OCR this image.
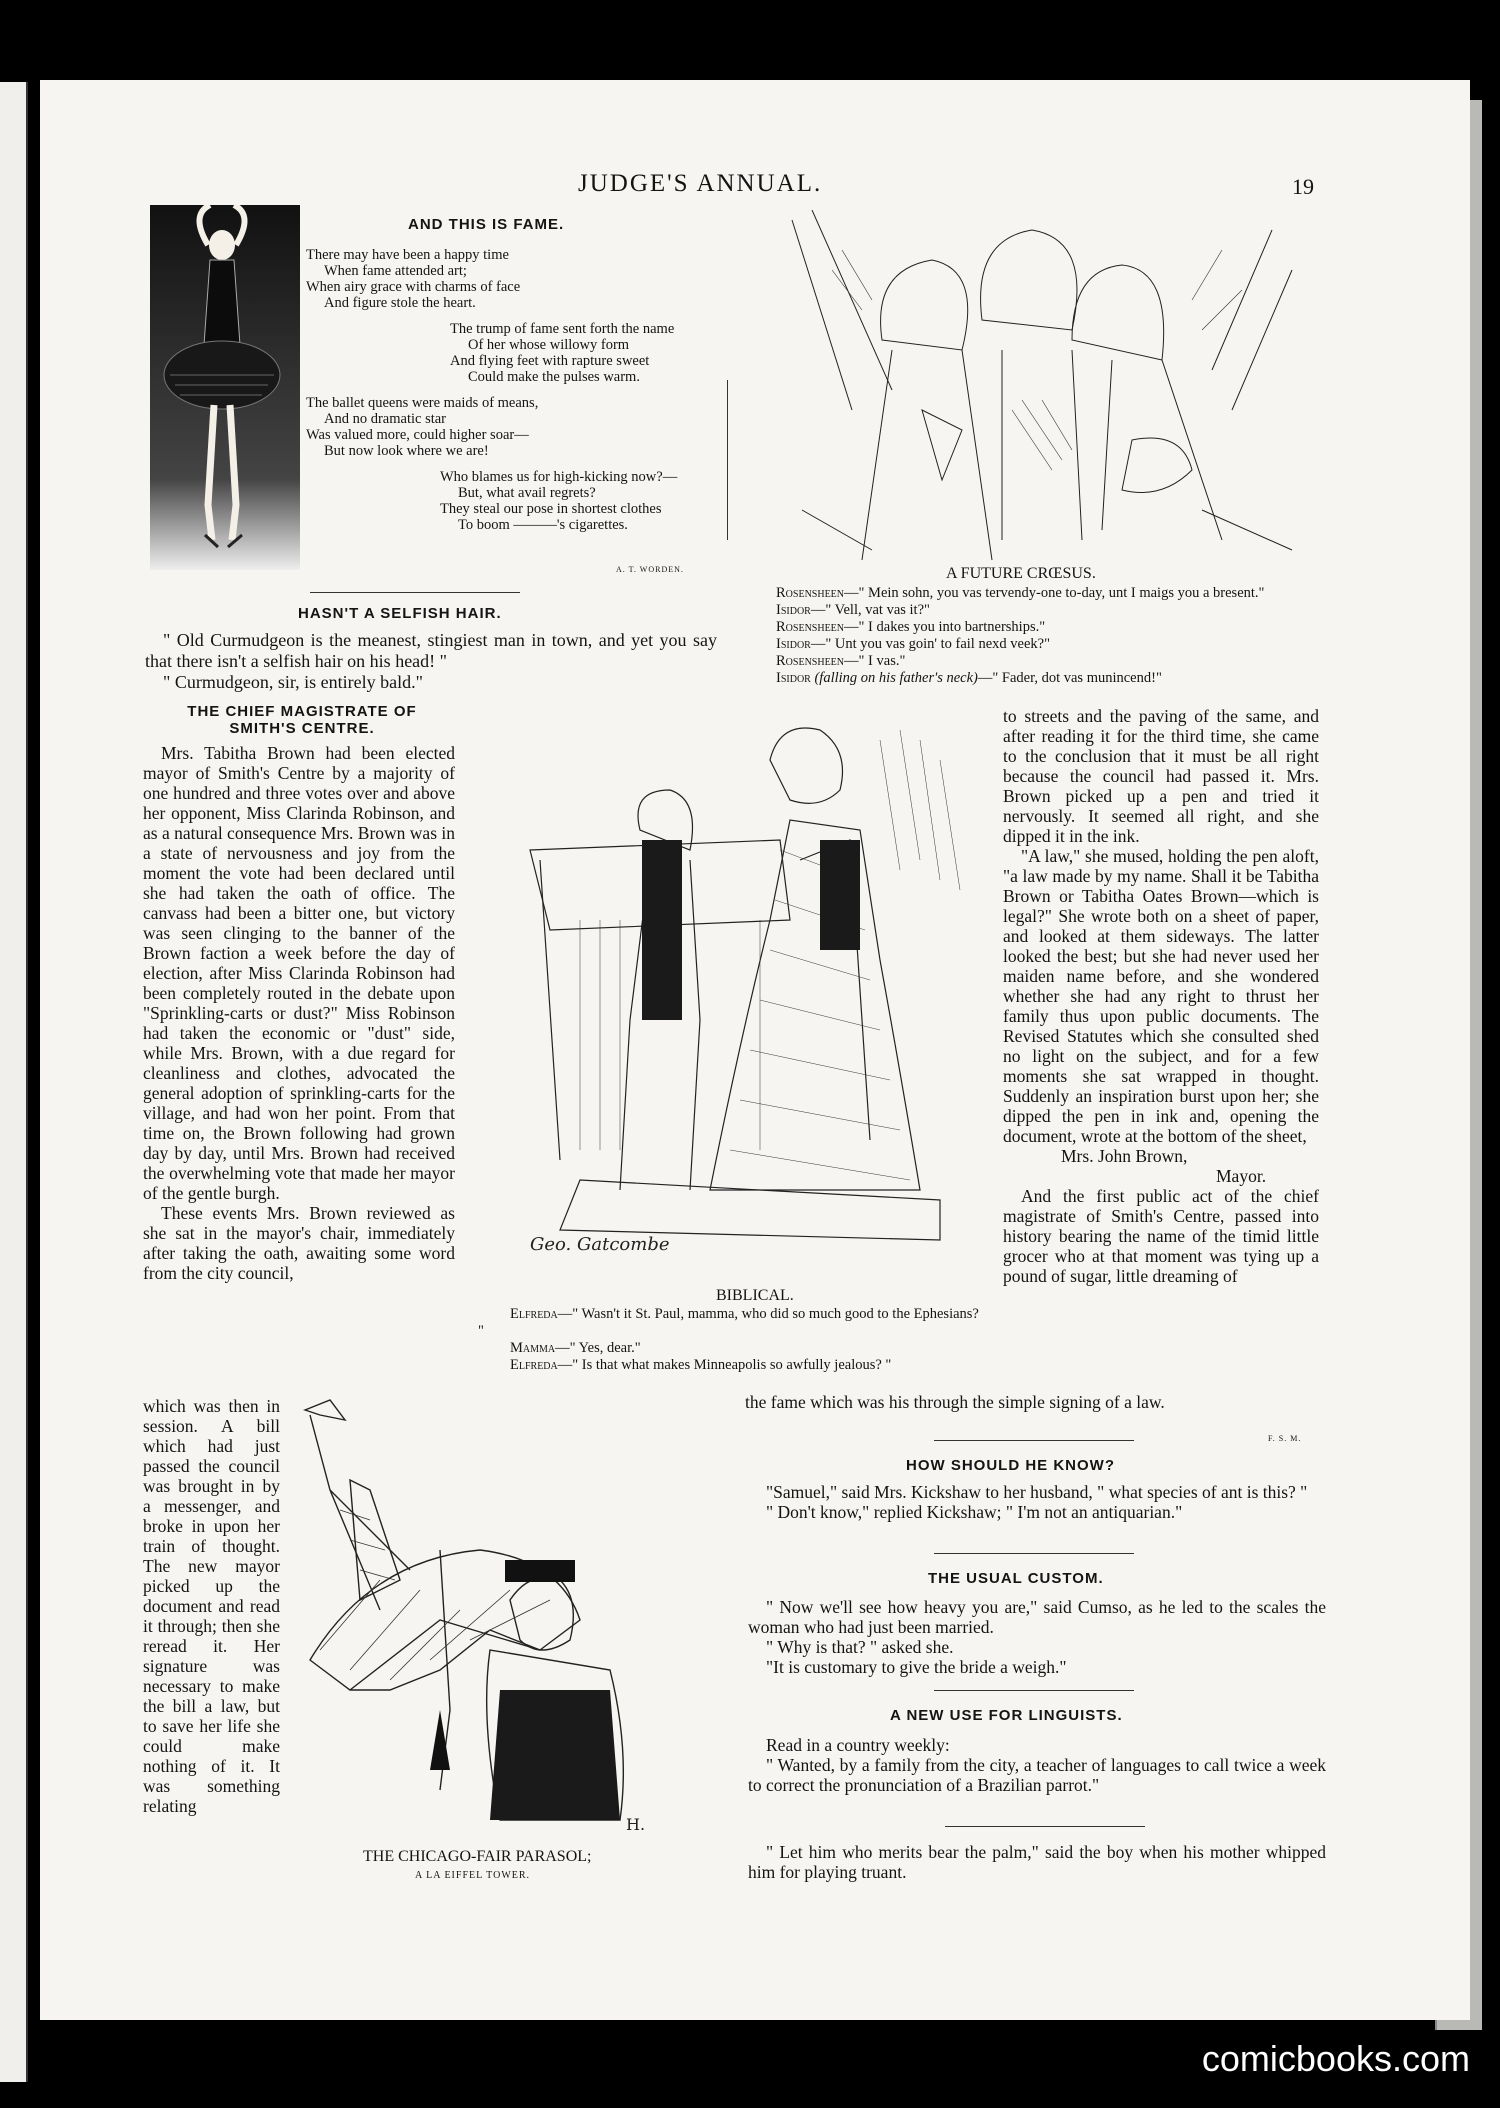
JUDGE'S ANNUAL.	19
AND THIS IS FAME.

There may have been a happy time

When fame attended art;

When airy grace with charms of face

And figure stole the heart.

The trump of fame sent forth the name

Of her whose willowy form

And flying feet with rapture sweet

Could make the pulses warm.

The ballet queens were maids of means,

And no dramatic star

Was valued more, could higher soar—

But now look where we are!

Who blames us for high-kicking now?—

But, what avail regrets?

They steal our pose in shortest clothes

To boom ———'s cigarettes.

A. T. WORDEN.	A FUTURE CRŒSUS.
Rosensheen—" Mein sohn, you vas tervendy-one to-day, unt I maigs you a bresent."
Isidor—" Vell, vat vas it?"
Rosensheen—" I dakes you into bartnerships."
Isidor—" Unt you vas goin' to fail nexd veek?"
Rosensheen—" I vas."
Isidor (falling on his father's neck)—" Fader, dot vas munincend!"
HASN'T A SELFISH HAIR.

" Old Curmudgeon is the meanest, stingiest man in town, and yet you say that there isn't a selfish hair on his head! "

" Curmudgeon, sir, is entirely bald."

THE CHIEF MAGISTRATE OF
SMITH'S CENTRE.

Mrs. Tabitha Brown had been elected mayor of Smith's Centre by a majority of one hundred and three votes over and above her opponent, Miss Clarinda Robinson, and as a natural consequence Mrs. Brown was in a state of nervousness and joy from the moment the vote had been declared until she had taken the oath of office. The canvass had been a bitter one, but victory was seen clinging to the banner of the Brown faction a week before the day of election, after Miss Clarinda Robinson had been completely routed in the debate upon "Sprinkling-carts or dust?" Miss Robinson had taken the economic or "dust" side, while Mrs. Brown, with a due regard for cleanliness and clothes, advocated the general adoption of sprinkling-carts for the village, and had won her point. From that time on, the Brown following had grown day by day, until Mrs. Brown had received the overwhelming vote that made her mayor of the gentle burgh.

These events Mrs. Brown reviewed as she sat in the mayor's chair, immediately after taking the oath, awaiting some word from the city council,

which was then in session. A bill which had just passed the council was brought in by a messenger, and broke in upon her train of thought. The new mayor picked up the document and read it through; then she reread it. Her signature was necessary to make the bill a law, but to save her life she could make nothing of it. It was something relating

to streets and the paving of the same, and after reading it for the third time, she came to the conclusion that it must be all right because the council had passed it. Mrs. Brown picked up a pen and tried it nervously. It seemed all right, and she dipped it in the ink.

"A law," she mused, holding the pen aloft, "a law made by my name. Shall it be Tabitha Brown or Tabitha Oates Brown—which is legal?" She wrote both on a sheet of paper, and looked at them sideways. The latter looked the best; but she had never used her maiden name before, and she wondered whether she had any right to thrust her family thus upon public documents. The Revised Statutes which she consulted shed no light on the subject, and for a few moments she sat wrapped in thought. Suddenly an inspiration burst upon her; she dipped the pen in ink and, opening the document, wrote at the bottom of the sheet,

Mrs. John Brown,
Mayor.

And the first public act of the chief magistrate of Smith's Centre, passed into history bearing the name of the timid little grocer who at that moment was tying up a pound of sugar, little dreaming of

the fame which was his through the simple signing of a law.
F. S. M.
Geo. Gatcombe
BIBLICAL.
Elfreda—" Wasn't it St. Paul, mamma, who did so much good to the Ephesians? "
Mamma—" Yes, dear."
Elfreda—" Is that what makes Minneapolis so awfully jealous? "
H.
THE CHICAGO-FAIR PARASOL;
A LA EIFFEL TOWER.
HOW SHOULD HE KNOW?

"Samuel," said Mrs. Kickshaw to her husband, " what species of ant is this? "

" Don't know," replied Kickshaw; " I'm not an antiquarian."

THE USUAL CUSTOM.

" Now we'll see how heavy you are," said Cumso, as he led to the scales the woman who had just been married.

" Why is that? " asked she.

"It is customary to give the bride a weigh."

A NEW USE FOR LINGUISTS.

Read in a country weekly:

" Wanted, by a family from the city, a teacher of languages to call twice a week to correct the pronunciation of a Brazilian parrot."

" Let him who merits bear the palm," said the boy when his mother whipped him for playing truant.

comicbooks.com
